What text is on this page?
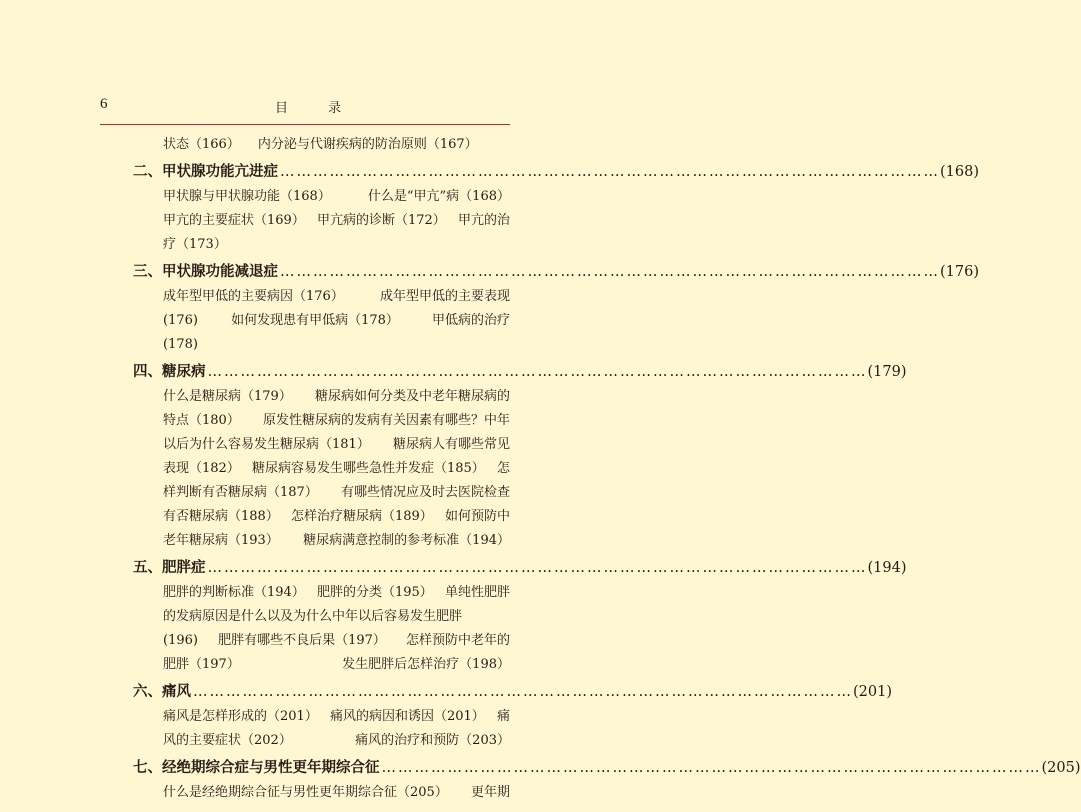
6	目 录
状态（166） 内分泌与代谢疾病的防治原则（167）
二、 甲状腺功能亢进症 ………………………………………………………………………………………………………… (168)
甲状腺与甲状腺功能（168）	什么是“甲亢”病（168）
甲亢的主要症状（169） 甲亢病的诊断（172） 甲亢的治
疗（173）
三、 甲状腺功能减退症 ………………………………………………………………………………………………………… (176)
成年型甲低的主要病因（176）	成年型甲低的主要表现
(176)	如何发现患有甲低病（178）	甲低病的治疗
(178)
四、 糖尿病 ………………………………………………………………………………………………………… (179)
什么是糖尿病（179） 糖尿病如何分类及中老年糖尿病的
特点（180） 原发性糖尿病的发病有关因素有哪些？中年
以后为什么容易发生糖尿病（181） 糖尿病人有哪些常见
表现（182） 糖尿病容易发生哪些急性并发症（185） 怎
样判断有否糖尿病（187） 有哪些情况应及时去医院检查
有否糖尿病（188） 怎样治疗糖尿病（189） 如何预防中
老年糖尿病（193） 糖尿病满意控制的参考标准（194）
五、 肥胖症 ………………………………………………………………………………………………………… (194)
肥胖的判断标准（194） 肥胖的分类（195） 单纯性肥胖
的发病原因是什么以及为什么中年以后容易发生肥胖
(196) 肥胖有哪些不良后果（197） 怎样预防中老年的
肥胖（197）	发生肥胖后怎样治疗（198）
六、 痛风 ………………………………………………………………………………………………………… (201)
痛风是怎样形成的（201） 痛风的病因和诱因（201） 痛
风的主要症状（202）	痛风的治疗和预防（203）
七、 经绝期综合症与男性更年期综合征 ………………………………………………………………………………………………………… (205)
什么是经绝期综合征与男性更年期综合征（205） 更年期
